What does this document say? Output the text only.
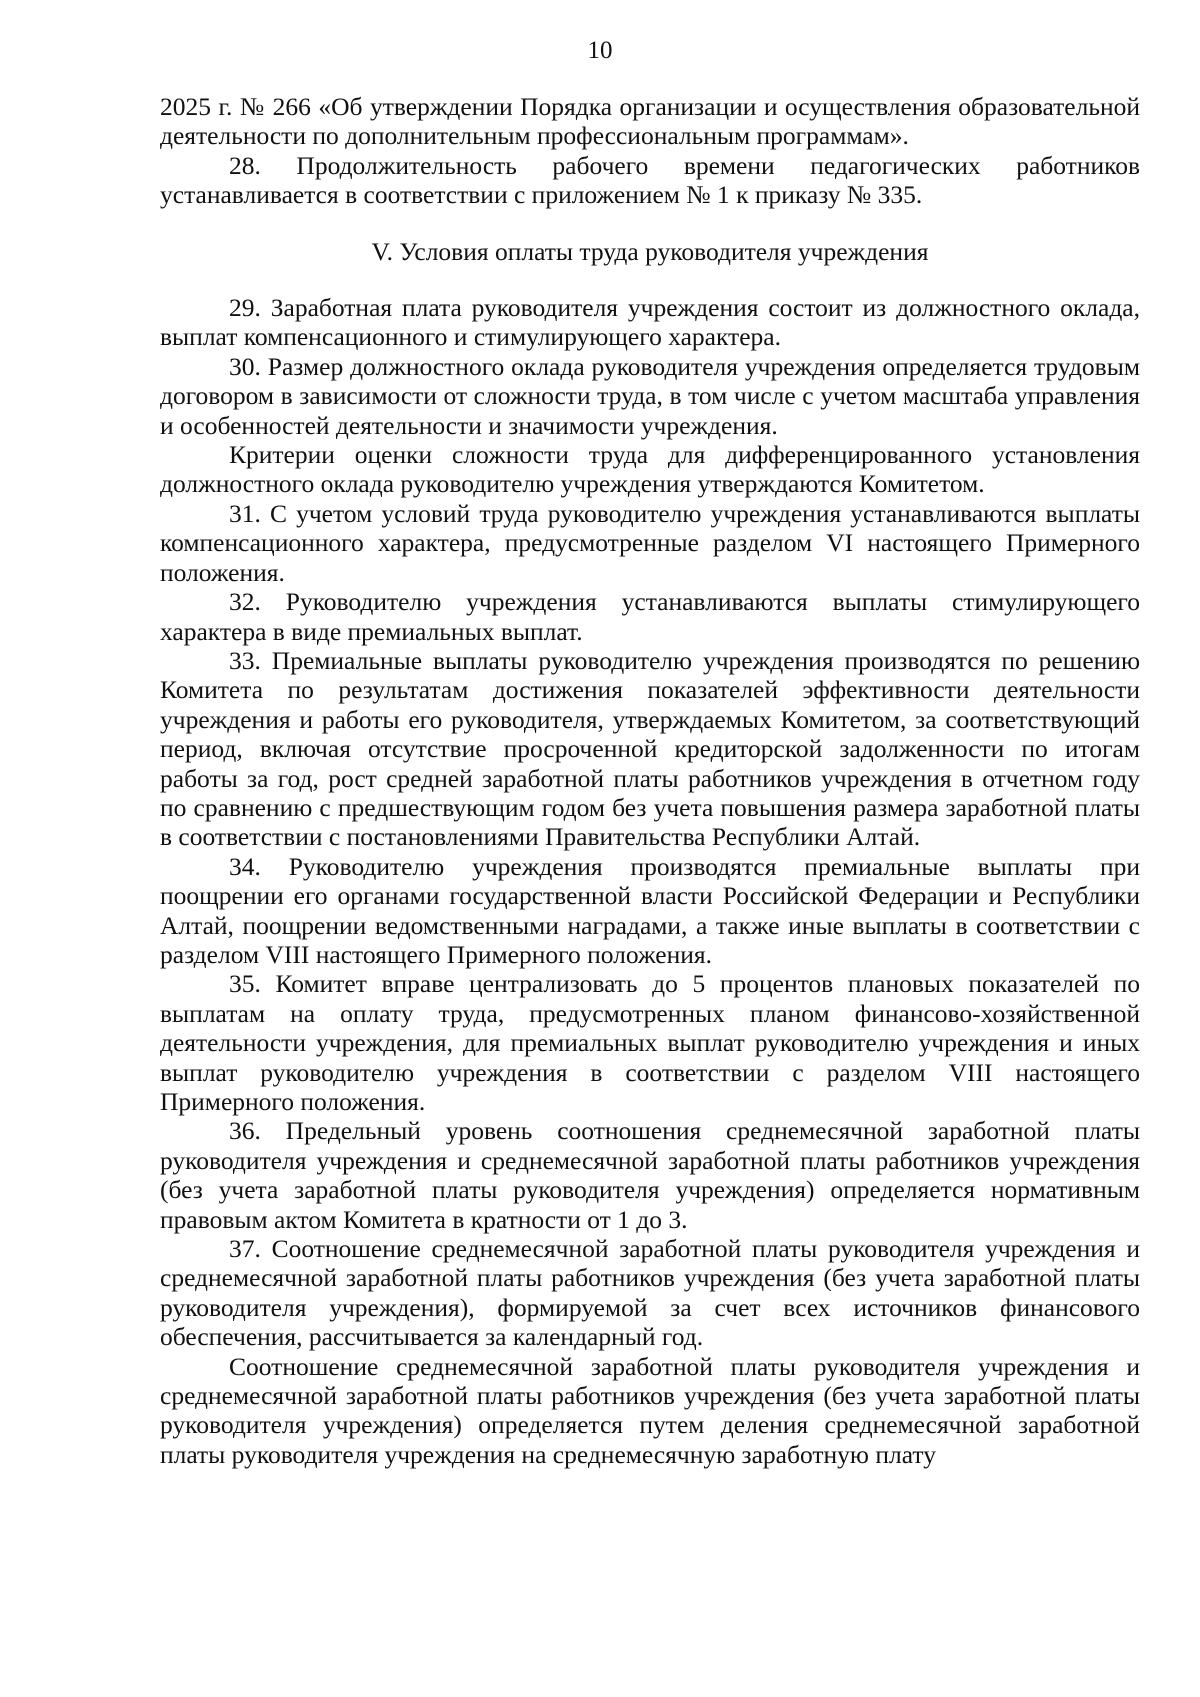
10

2025 г. № 266 «Об утверждении Порядка организации и осуществления образовательной деятельности по дополнительным профессиональным программам».

28. Продолжительность рабочего времени педагогических работников устанавливается в соответствии с приложением № 1 к приказу № 335.

V. Условия оплаты труда руководителя учреждения

29. Заработная плата руководителя учреждения состоит из должностного оклада, выплат компенсационного и стимулирующего характера.

30. Размер должностного оклада руководителя учреждения определяется трудовым договором в зависимости от сложности труда, в том числе с учетом масштаба управления и особенностей деятельности и значимости учреждения.

Критерии оценки сложности труда для дифференцированного установления должностного оклада руководителю учреждения утверждаются Комитетом.

31. С учетом условий труда руководителю учреждения устанавливаются выплаты компенсационного характера, предусмотренные разделом VI настоящего Примерного положения.

32. Руководителю учреждения устанавливаются выплаты стимулирующего характера в виде премиальных выплат.

33. Премиальные выплаты руководителю учреждения производятся по решению Комитета по результатам достижения показателей эффективности деятельности учреждения и работы его руководителя, утверждаемых Комитетом, за соответствующий период, включая отсутствие просроченной кредиторской задолженности по итогам работы за год, рост средней заработной платы работников учреждения в отчетном году по сравнению с предшествующим годом без учета повышения размера заработной платы в соответствии с постановлениями Правительства Республики Алтай.

34. Руководителю учреждения производятся премиальные выплаты при поощрении его органами государственной власти Российской Федерации и Республики Алтай, поощрении ведомственными наградами, а также иные выплаты в соответствии с разделом VIII настоящего Примерного положения.

35. Комитет вправе централизовать до 5 процентов плановых показателей по выплатам на оплату труда, предусмотренных планом финансово-хозяйственной деятельности учреждения, для премиальных выплат руководителю учреждения и иных выплат руководителю учреждения в соответствии с разделом VIII настоящего Примерного положения.

36. Предельный уровень соотношения среднемесячной заработной платы руководителя учреждения и среднемесячной заработной платы работников учреждения (без учета заработной платы руководителя учреждения) определяется нормативным правовым актом Комитета в кратности от 1 до 3.

37. Соотношение среднемесячной заработной платы руководителя учреждения и среднемесячной заработной платы работников учреждения (без учета заработной платы руководителя учреждения), формируемой за счет всех источников финансового обеспечения, рассчитывается за календарный год.

Соотношение среднемесячной заработной платы руководителя учреждения и среднемесячной заработной платы работников учреждения (без учета заработной платы руководителя учреждения) определяется путем деления среднемесячной заработной платы руководителя учреждения на среднемесячную заработную плату
